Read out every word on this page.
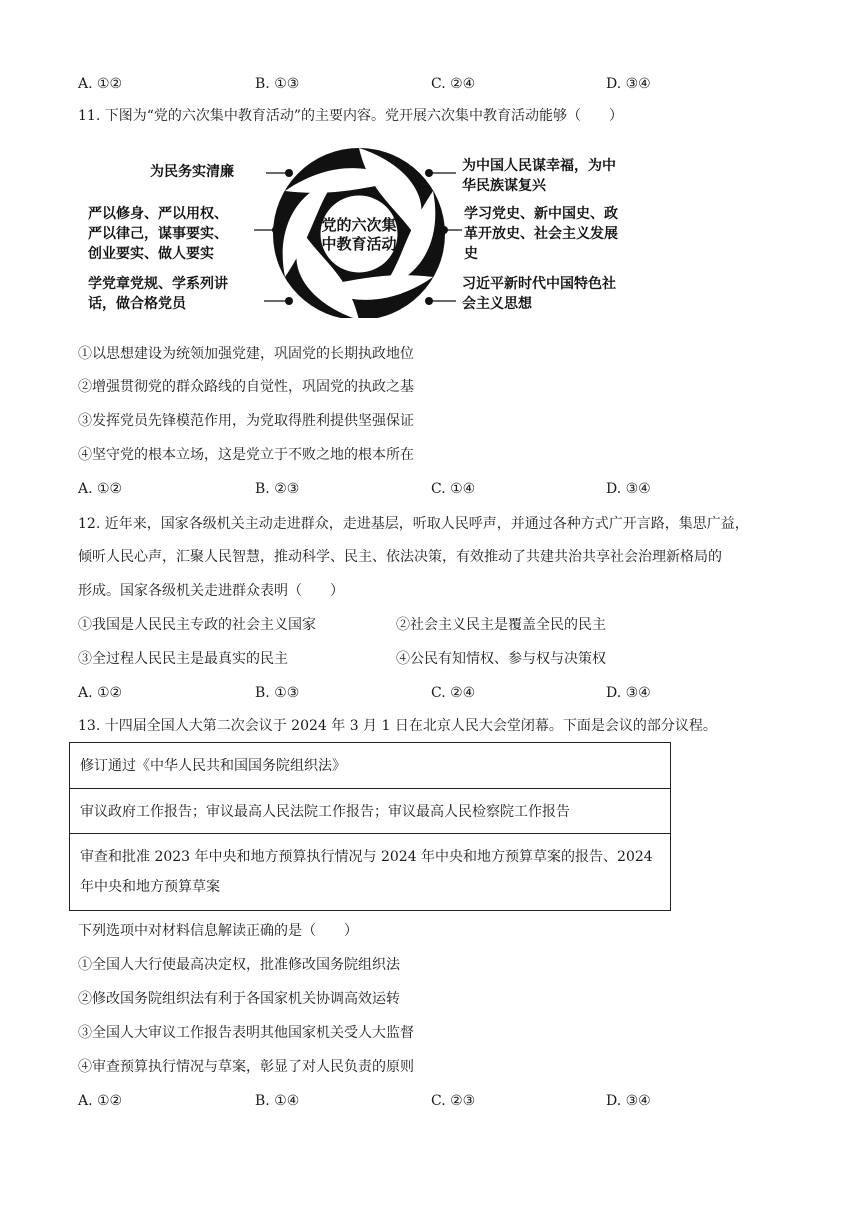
A. ①②	B. ①③	C. ②④	D. ③④
11. 下图为“党的六次集中教育活动”的主要内容。党开展六次集中教育活动能够（　　）
党的六次集
中教育活动
1
2
3
4
5
6
为民务实清廉
严以修身、严以用权、
严以律己，谋事要实、
创业要实、做人要实
学党章党规、学系列讲
话，做合格党员
为中国人民谋幸福，为中
华民族谋复兴
学习党史、新中国史、政
革开放史、社会主义发展
史
习近平新时代中国特色社
会主义思想
①以思想建设为统领加强党建，巩固党的长期执政地位
②增强贯彻党的群众路线的自觉性，巩固党的执政之基
③发挥党员先锋模范作用，为党取得胜利提供坚强保证
④坚守党的根本立场，这是党立于不败之地的根本所在
A. ①②	B. ②③	C. ①④	D. ③④
12. 近年来，国家各级机关主动走进群众，走进基层，听取人民呼声，并通过各种方式广开言路，集思广益，
倾听人民心声，汇聚人民智慧，推动科学、民主、依法决策，有效推动了共建共治共享社会治理新格局的
形成。国家各级机关走进群众表明（　　）
①我国是人民民主专政的社会主义国家	②社会主义民主是覆盖全民的民主
③全过程人民民主是最真实的民主	④公民有知情权、参与权与决策权
A. ①②	B. ①③	C. ②④	D. ③④
13. 十四届全国人大第二次会议于 2024 年 3 月 1 日在北京人民大会堂闭幕。下面是会议的部分议程。
修订通过《中华人民共和国国务院组织法》
审议政府工作报告；审议最高人民法院工作报告；审议最高人民检察院工作报告
审查和批准 2023 年中央和地方预算执行情况与 2024 年中央和地方预算草案的报告、2024
年中央和地方预算草案
下列选项中对材料信息解读正确的是（　　）
①全国人大行使最高决定权，批准修改国务院组织法
②修改国务院组织法有利于各国家机关协调高效运转
③全国人大审议工作报告表明其他国家机关受人大监督
④审查预算执行情况与草案，彰显了对人民负责的原则
A. ①②	B. ①④	C. ②③	D. ③④
